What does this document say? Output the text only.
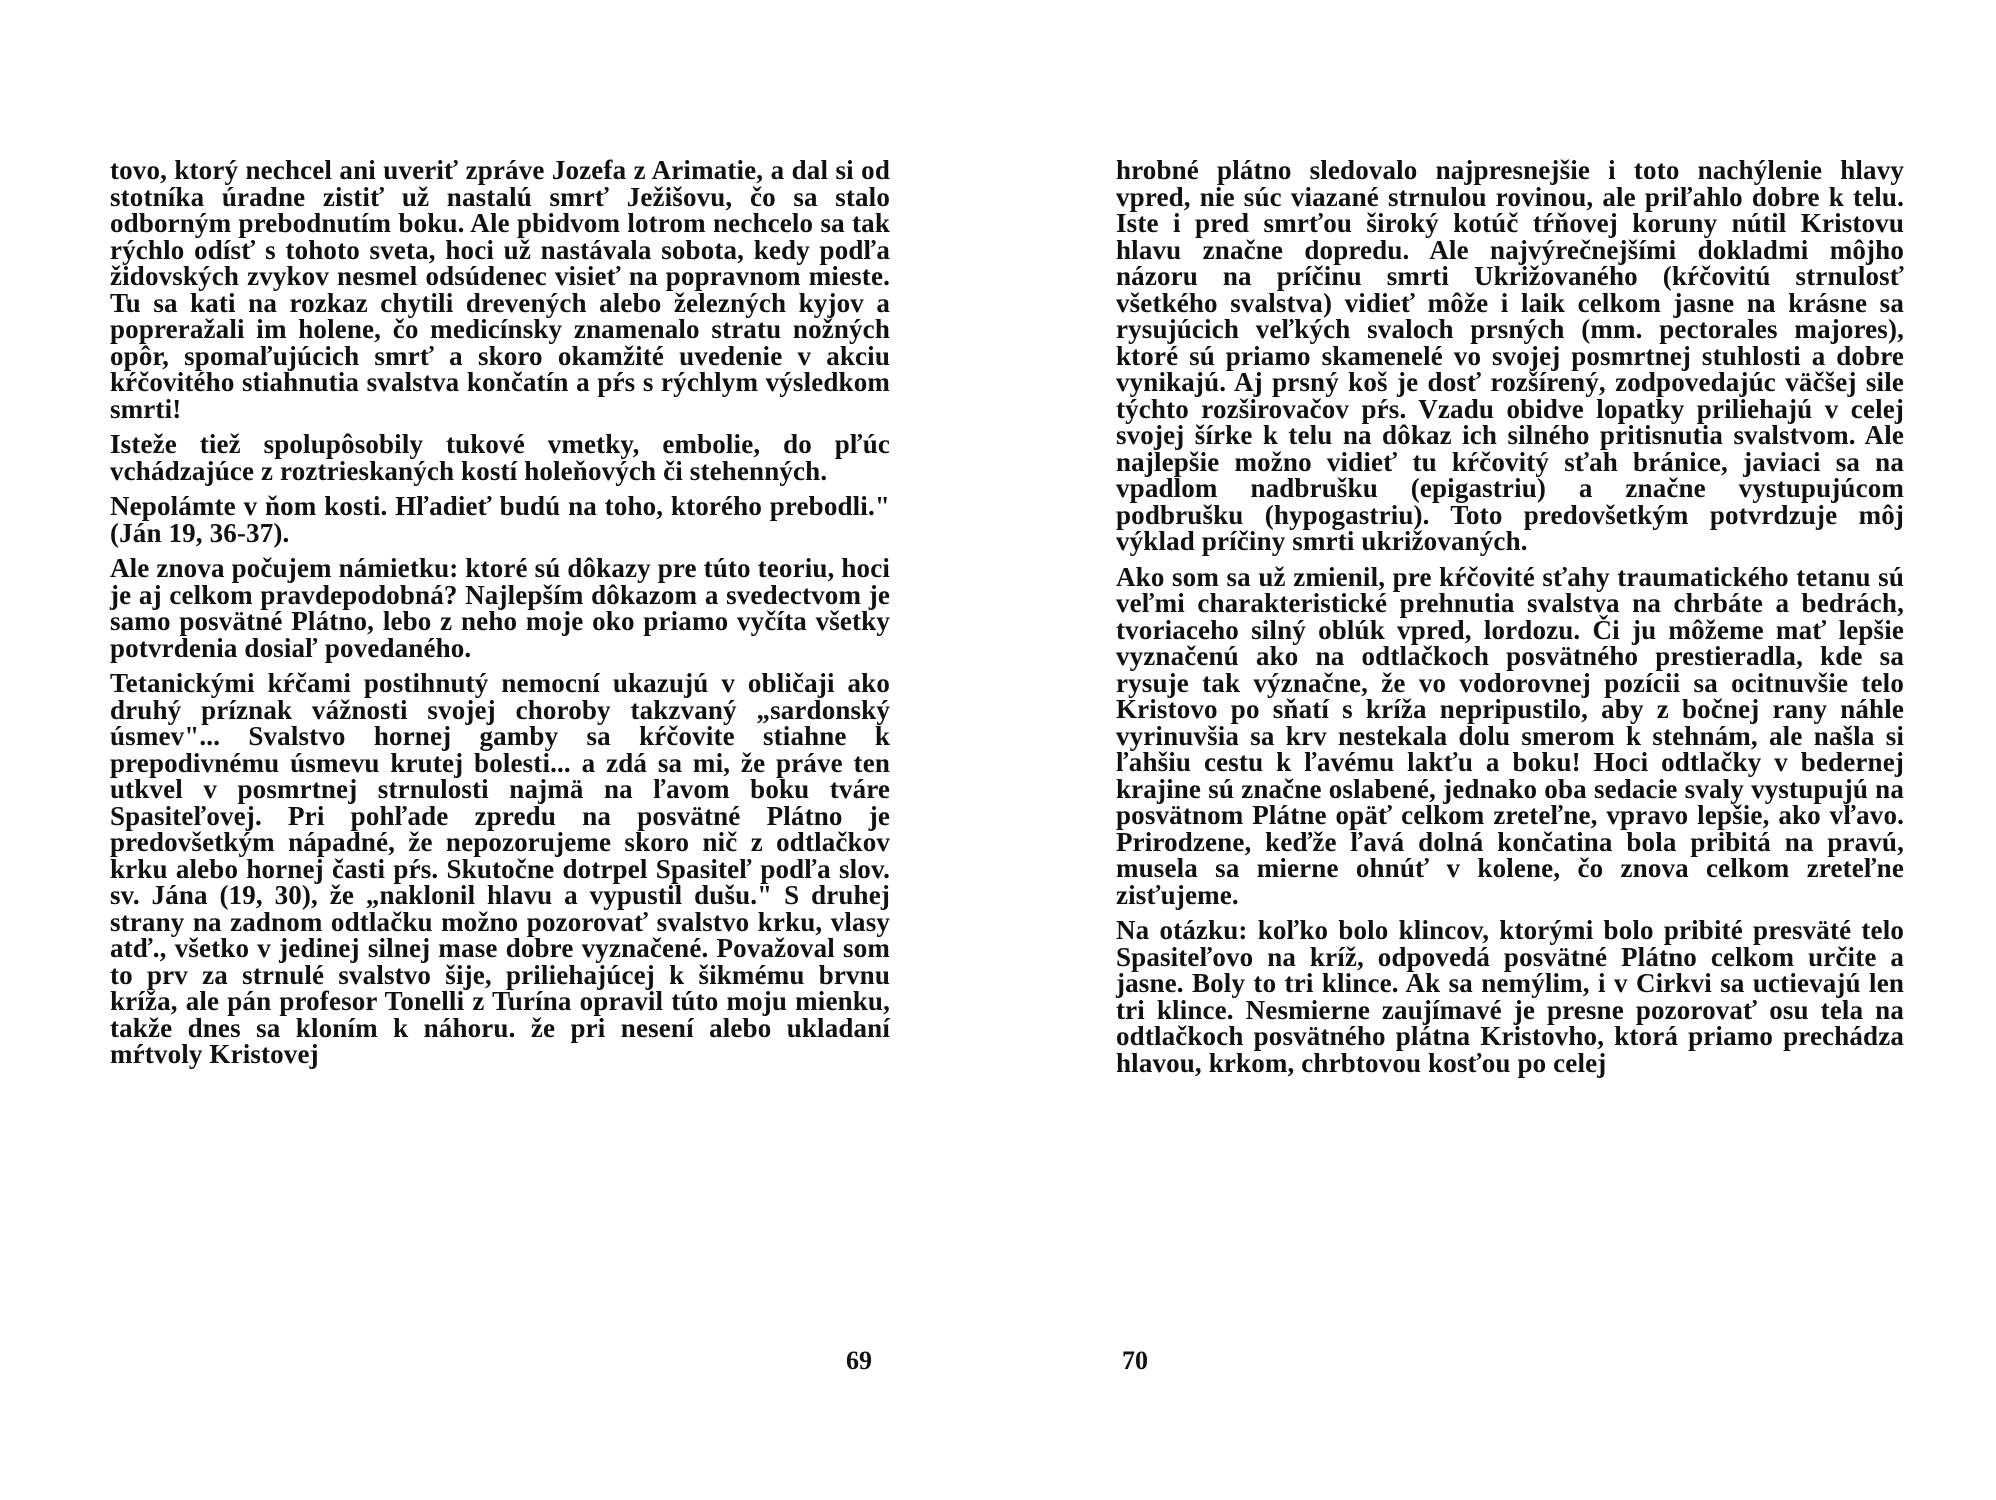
tovo, ktorý nechcel ani uveriť zpráve Jozefa z Arimatie, a dal si od stotníka úradne zistiť už nastalú smrť Ježišovu, čo sa stalo odborným prebodnutím boku. Ale pbidvom lotrom nechcelo sa tak rýchlo odísť s tohoto sveta, hoci už nastávala sobota, kedy podľa židovských zvykov nesmel odsúdenec visieť na popravnom mieste. Tu sa kati na rozkaz chytili drevených alebo železných kyjov a popreražali im holene, čo medicínsky znamenalo stratu nožných opôr, spomaľujúcich smrť a skoro okamžité uvedenie v akciu kŕčovitého stiahnutia svalstva končatín a pŕs s rýchlym výsledkom smrti!

Isteže tiež spolupôsobily tukové vmetky, embolie, do pľúc vchádzajúce z roztrieskaných kostí holeňových či stehenných.

Nepolámte v ňom kosti. Hľadieť budú na toho, ktorého prebodli." (Ján 19, 36-37).

Ale znova počujem námietku: ktoré sú dôkazy pre túto teoriu, hoci je aj celkom pravdepodobná? Najlepším dôkazom a svedectvom je samo posvätné Plátno, lebo z neho moje oko priamo vyčíta všetky potvrdenia dosiaľ povedaného.

Tetanickými kŕčami postihnutý nemocní ukazujú v obličaji ako druhý príznak vážnosti svojej choroby takzvaný „sardonský úsmev"... Svalstvo hornej gamby sa kŕčovite stiahne k prepodivnému úsmevu krutej bolesti... a zdá sa mi, že práve ten utkvel v posmrtnej strnulosti najmä na ľavom boku tváre Spasiteľovej. Pri pohľade zpredu na posvätné Plátno je predovšetkým nápadné, že nepozorujeme skoro nič z odtlačkov krku alebo hornej časti pŕs. Skutočne dotrpel Spasiteľ podľa slov. sv. Jána (19, 30), že „naklonil hlavu a vypustil dušu." S druhej strany na zadnom odtlačku možno pozorovať svalstvo krku, vlasy atď., všetko v jedinej silnej mase dobre vyznačené. Považoval som to prv za strnulé svalstvo šije, priliehajúcej k šikmému brvnu kríža, ale pán profesor Tonelli z Turína opravil túto moju mienku, takže dnes sa kloním k náhoru. že pri nesení alebo ukladaní mŕtvoly Kristovej

69

hrobné plátno sledovalo najpresnejšie i toto nachýlenie hlavy vpred, nie súc viazané strnulou rovinou, ale priľahlo dobre k telu. Iste i pred smrťou široký kotúč tŕňovej koruny nútil Kristovu hlavu značne dopredu. Ale najvýrečnejšími dokladmi môjho názoru na príčinu smrti Ukrižovaného (kŕčovitú strnulosť všetkého svalstva) vidieť môže i laik celkom jasne na krásne sa rysujúcich veľkých svaloch prsných (mm. pectorales majores), ktoré sú priamo skamenelé vo svojej posmrtnej stuhlosti a dobre vynikajú. Aj prsný koš je dosť rozšírený, zodpovedajúc väčšej sile týchto rozširovačov pŕs. Vzadu obidve lopatky priliehajú v celej svojej šírke k telu na dôkaz ich silného pritisnutia svalstvom. Ale najlepšie možno vidieť tu kŕčovitý sťah bránice, javiaci sa na vpadlom nadbrušku (epigastriu) a značne vystupujúcom podbrušku (hypogastriu). Toto predovšetkým potvrdzuje môj výklad príčiny smrti ukrižovaných.

Ako som sa už zmienil, pre kŕčovité sťahy traumatického tetanu sú veľmi charakteristické prehnutia svalstva na chrbáte a bedrách, tvoriaceho silný oblúk vpred, lordozu. Či ju môžeme mať lepšie vyznačenú ako na odtlačkoch posvätného prestieradla, kde sa rysuje tak význačne, že vo vodorovnej pozícii sa ocitnuvšie telo Kristovo po sňatí s kríža nepripustilo, aby z bočnej rany náhle vyrinuvšia sa krv nestekala dolu smerom k stehnám, ale našla si ľahšiu cestu k ľavému lakťu a boku! Hoci odtlačky v bedernej krajine sú značne oslabené, jednako oba sedacie svaly vystupujú na posvätnom Plátne opäť celkom zreteľne, vpravo lepšie, ako vľavo. Prirodzene, keďže ľavá dolná končatina bola pribitá na pravú, musela sa mierne ohnúť v kolene, čo znova celkom zreteľne zisťujeme.

Na otázku: koľko bolo klincov, ktorými bolo pribité presväté telo Spasiteľovo na kríž, odpovedá posvätné Plátno celkom určite a jasne. Boly to tri klince. Ak sa nemýlim, i v Cirkvi sa uctievajú len tri klince. Nesmierne zaujímavé je presne pozorovať osu tela na odtlačkoch posvätného plátna Kristovho, ktorá priamo prechádza hlavou, krkom, chrbtovou kosťou po celej

70
